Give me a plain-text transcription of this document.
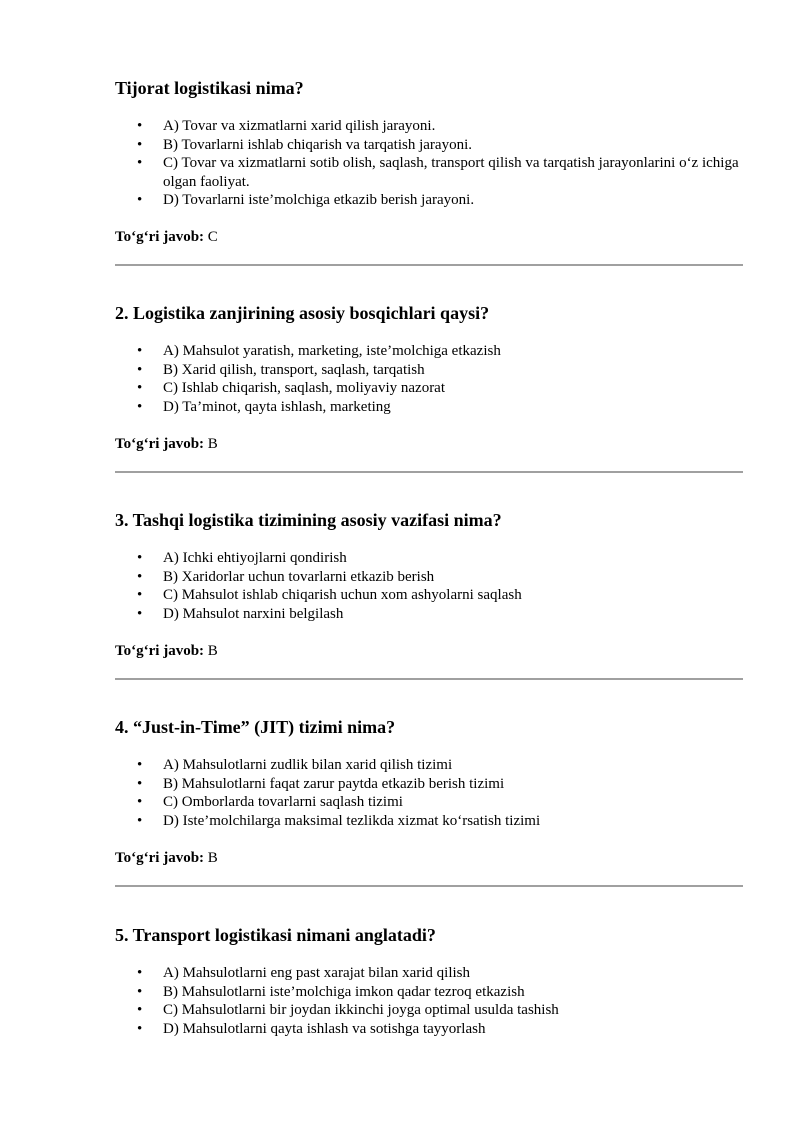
Tijorat logistikasi nima?
• A) Tovar va xizmatlarni xarid qilish jarayoni.
• B) Tovarlarni ishlab chiqarish va tarqatish jarayoni.
• C) Tovar va xizmatlarni sotib olish, saqlash, transport qilish va tarqatish jarayonlarini o‘z ichiga olgan faoliyat.
• D) Tovarlarni iste’molchiga etkazib berish jarayoni.
To‘g‘ri javob: C
2. Logistika zanjirining asosiy bosqichlari qaysi?
• A) Mahsulot yaratish, marketing, iste’molchiga etkazish
• B) Xarid qilish, transport, saqlash, tarqatish
• C) Ishlab chiqarish, saqlash, moliyaviy nazorat
• D) Ta’minot, qayta ishlash, marketing
To‘g‘ri javob: B
3. Tashqi logistika tizimining asosiy vazifasi nima?
• A) Ichki ehtiyojlarni qondirish
• B) Xaridorlar uchun tovarlarni etkazib berish
• C) Mahsulot ishlab chiqarish uchun xom ashyolarni saqlash
• D) Mahsulot narxini belgilash
To‘g‘ri javob: B
4. “Just-in-Time” (JIT) tizimi nima?
• A) Mahsulotlarni zudlik bilan xarid qilish tizimi
• B) Mahsulotlarni faqat zarur paytda etkazib berish tizimi
• C) Omborlarda tovarlarni saqlash tizimi
• D) Iste’molchilarga maksimal tezlikda xizmat ko‘rsatish tizimi
To‘g‘ri javob: B
5. Transport logistikasi nimani anglatadi?
• A) Mahsulotlarni eng past xarajat bilan xarid qilish
• B) Mahsulotlarni iste’molchiga imkon qadar tezroq etkazish
• C) Mahsulotlarni bir joydan ikkinchi joyga optimal usulda tashish
• D) Mahsulotlarni qayta ishlash va sotishga tayyorlash
